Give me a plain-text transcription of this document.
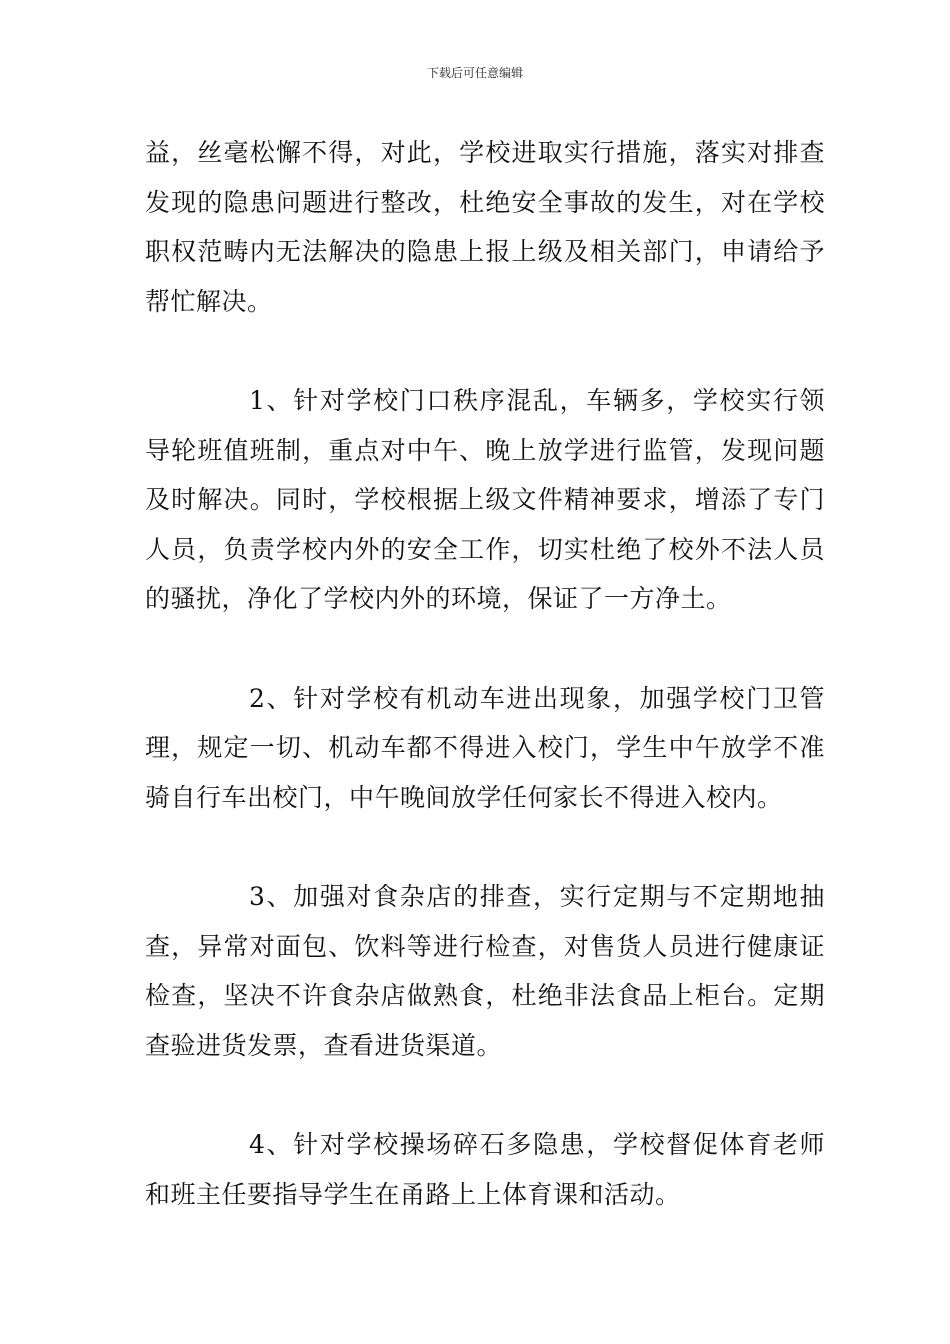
下载后可任意编辑

益，丝毫松懈不得，对此，学校进取实行措施，落实对排查发现的隐患问题进行整改，杜绝安全事故的发生，对在学校职权范畴内无法解决的隐患上报上级及相关部门，申请给予帮忙解决。

1、针对学校门口秩序混乱，车辆多，学校实行领导轮班值班制，重点对中午、晚上放学进行监管，发现问题及时解决。同时，学校根据上级文件精神要求，增添了专门人员，负责学校内外的安全工作，切实杜绝了校外不法人员的骚扰，净化了学校内外的环境，保证了一方净土。

2、针对学校有机动车进出现象，加强学校门卫管理，规定一切、机动车都不得进入校门，学生中午放学不准骑自行车出校门，中午晚间放学任何家长不得进入校内。

3、加强对食杂店的排查，实行定期与不定期地抽查，异常对面包、饮料等进行检查，对售货人员进行健康证检查，坚决不许食杂店做熟食，杜绝非法食品上柜台。定期查验进货发票，查看进货渠道。

4、针对学校操场碎石多隐患，学校督促体育老师和班主任要指导学生在甬路上上体育课和活动。
